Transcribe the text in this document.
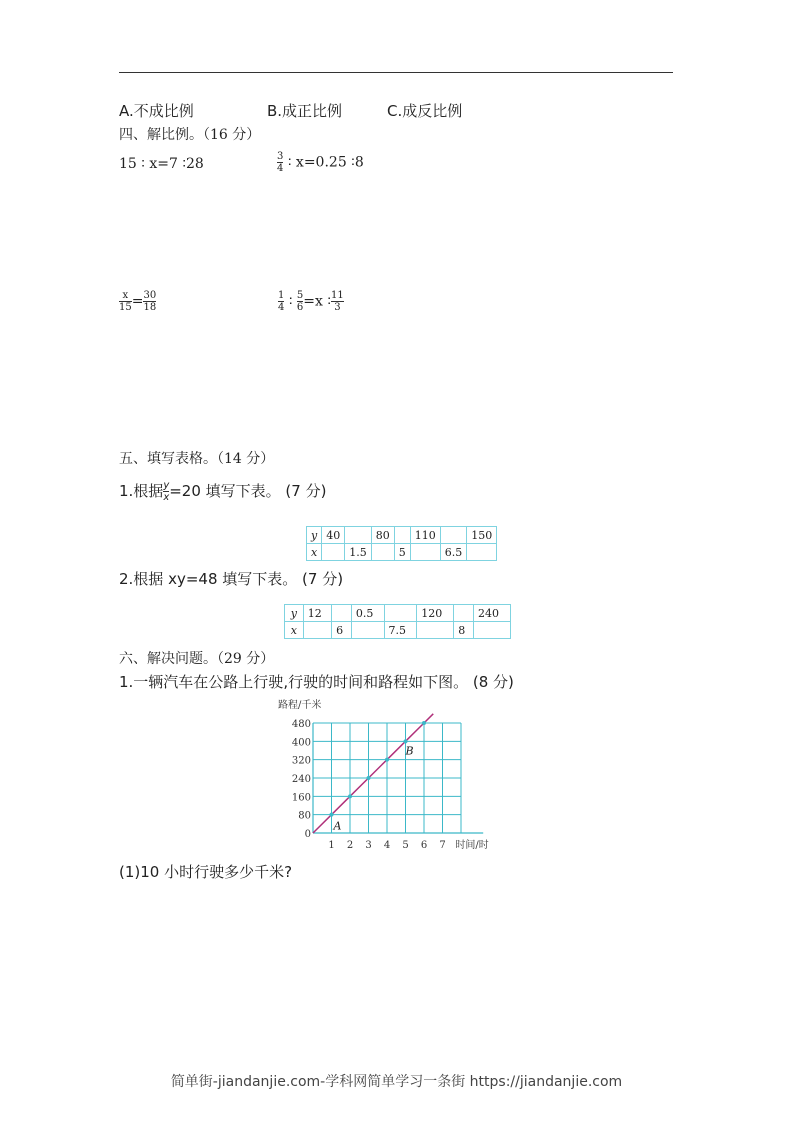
A.不成比例	B.成正比例	C.成反比例
四、解比例。（16 分）
15 ∶ x=7 ∶28	$\frac{3}{4}$ ∶ x=0.25 ∶8
$\frac{x}{15} = \frac{30}{18}$	$\frac{1}{4}$ ∶ $\frac{5}{6} =x$ ∶ $\frac{11}{3}$
五、填写表格。（14 分）
1.根据 $\frac{y}{x} =20$ 填写下表。 (7 分)
y	40		80		110		150
x		1.5		5		6.5	
2.根据 xy=48 填写下表。 (7 分)
y	12		0.5		120		240
x		6		7.5		8	
六、解决问题。（29 分）
1.一辆汽车在公路上行驶,行驶的时间和路程如下图。 (8 分)
1 2 3 4 5 6 7
0
80
160
240
320
400
480
路程/千米
时间/时
A
B
(1)10 小时行驶多少千米?
简单街-jiandanjie.com-学科网简单学习一条街 https://jiandanjie.com
